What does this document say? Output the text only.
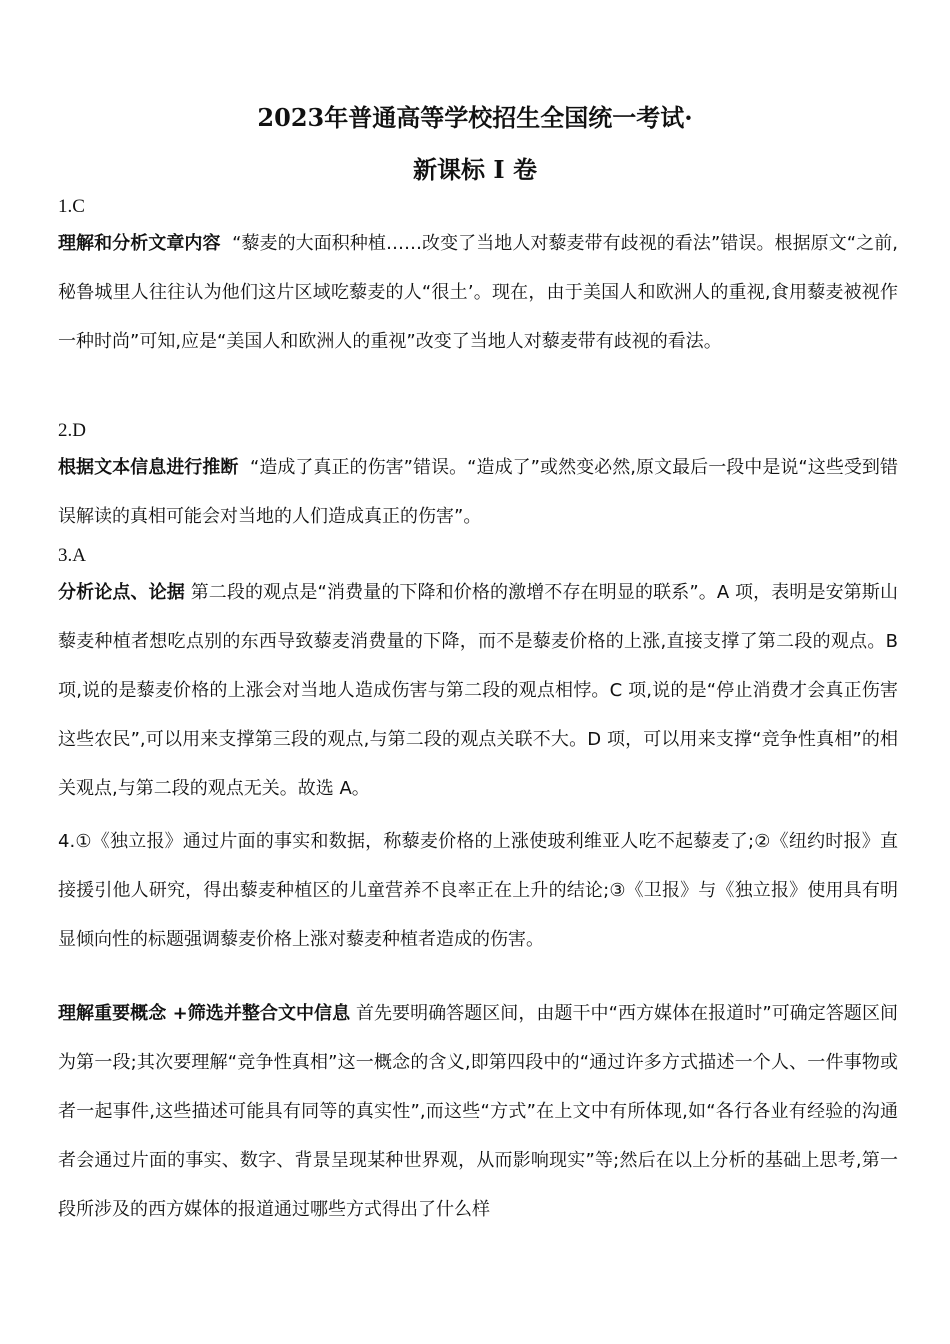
2023年普通高等学校招生全国统一考试·
新课标 I 卷
1.C

理解和分析文章内容 “藜麦的大面积种植……改变了当地人对藜麦带有歧视的看法”错误。根据原文“之前,秘鲁城里人往往认为他们这片区域吃藜麦的人“很土’。现在，由于美国人和欧洲人的重视,食用藜麦被视作一种时尚”可知,应是“美国人和欧洲人的重视”改变了当地人对藜麦带有歧视的看法。

2.D

根据文本信息进行推断 “造成了真正的伤害”错误。“造成了”或然变必然,原文最后一段中是说“这些受到错误解读的真相可能会对当地的人们造成真正的伤害”。

3.A

分析论点、论据 第二段的观点是“消费量的下降和价格的激增不存在明显的联系”。A 项，表明是安第斯山藜麦种植者想吃点别的东西导致藜麦消费量的下降，而不是藜麦价格的上涨,直接支撑了第二段的观点。B 项,说的是藜麦价格的上涨会对当地人造成伤害与第二段的观点相悖。C 项,说的是“停止消费才会真正伤害这些农民”,可以用来支撑第三段的观点,与第二段的观点关联不大。D 项，可以用来支撑“竞争性真相”的相关观点,与第二段的观点无关。故选 A。

4.①《独立报》通过片面的事实和数据，称藜麦价格的上涨使玻利维亚人吃不起藜麦了;②《纽约时报》直接援引他人研究，得出藜麦种植区的儿童营养不良率正在上升的结论;③《卫报》与《独立报》使用具有明显倾向性的标题强调藜麦价格上涨对藜麦种植者造成的伤害。

理解重要概念 +筛选并整合文中信息 首先要明确答题区间，由题干中“西方媒体在报道时”可确定答题区间为第一段;其次要理解“竞争性真相”这一概念的含义,即第四段中的“通过许多方式描述一个人、一件事物或者一起事件,这些描述可能具有同等的真实性”,而这些“方式”在上文中有所体现,如“各行各业有经验的沟通者会通过片面的事实、数字、背景呈现某种世界观，从而影响现实”等;然后在以上分析的基础上思考,第一段所涉及的西方媒体的报道通过哪些方式得出了什么样
